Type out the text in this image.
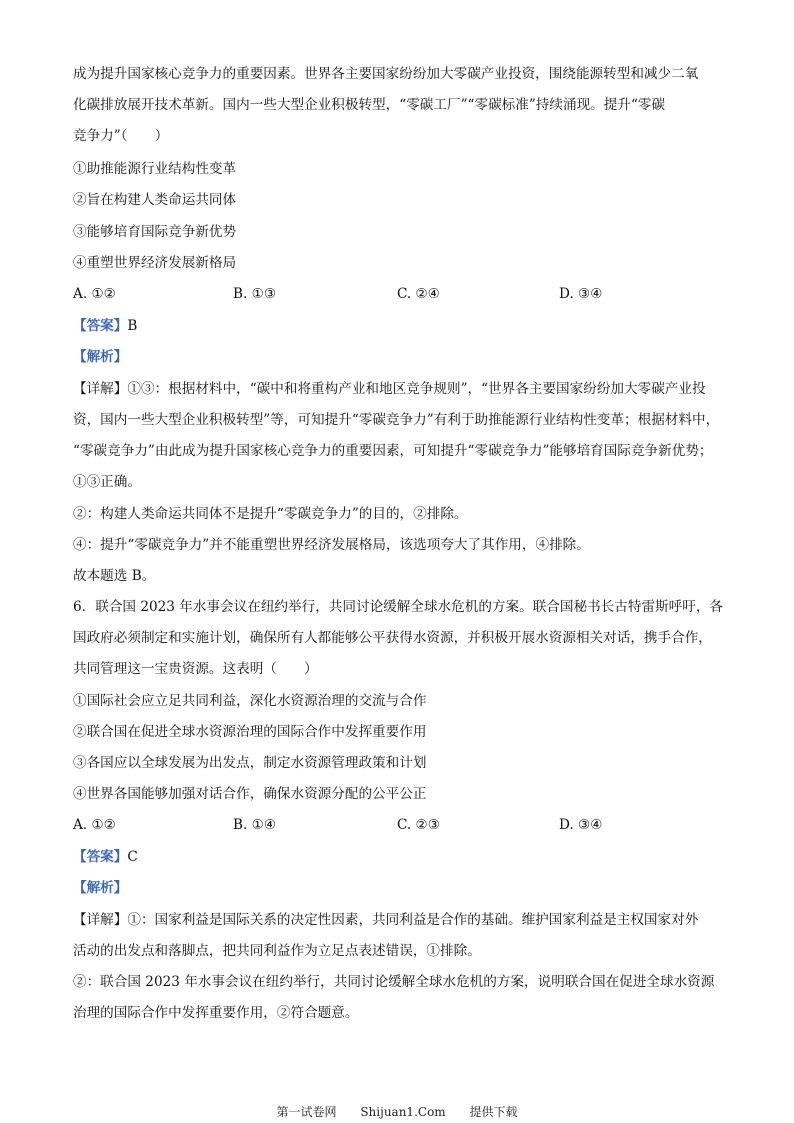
成为提升国家核心竞争力的重要因素。世界各主要国家纷纷加大零碳产业投资，围绕能源转型和减少二氧
化碳排放展开技术革新。国内一些大型企业积极转型，“零碳工厂”“零碳标准”持续涌现。提升“零碳
竞争力”（　　）
①助推能源行业结构性变革
②旨在构建人类命运共同体
③能够培育国际竞争新优势
④重塑世界经济发展新格局
A. ①②	B. ①③	C. ②④	D. ③④
【答案】B
【解析】
【详解】①③：根据材料中，“碳中和将重构产业和地区竞争规则”，“世界各主要国家纷纷加大零碳产业投
资，国内一些大型企业积极转型”等，可知提升“零碳竞争力”有利于助推能源行业结构性变革；根据材料中，
“零碳竞争力”由此成为提升国家核心竞争力的重要因素，可知提升“零碳竞争力”能够培育国际竞争新优势；
①③正确。
②：构建人类命运共同体不是提升“零碳竞争力”的目的，②排除。
④：提升“零碳竞争力”并不能重塑世界经济发展格局，该选项夸大了其作用，④排除。
故本题选 B。
6．联合国 2023 年水事会议在纽约举行，共同讨论缓解全球水危机的方案。联合国秘书长古特雷斯呼吁，各
国政府必须制定和实施计划，确保所有人都能够公平获得水资源，并积极开展水资源相关对话，携手合作，
共同管理这一宝贵资源。这表明（　　）
①国际社会应立足共同利益，深化水资源治理的交流与合作
②联合国在促进全球水资源治理的国际合作中发挥重要作用
③各国应以全球发展为出发点，制定水资源管理政策和计划
④世界各国能够加强对话合作，确保水资源分配的公平公正
A. ①②	B. ①④	C. ②③	D. ③④
【答案】C
【解析】
【详解】①：国家利益是国际关系的决定性因素，共同利益是合作的基础。维护国家利益是主权国家对外
活动的出发点和落脚点，把共同利益作为立足点表述错误，①排除。
②：联合国 2023 年水事会议在纽约举行，共同讨论缓解全球水危机的方案，说明联合国在促进全球水资源
治理的国际合作中发挥重要作用，②符合题意。
第一试卷网 Shijuan1.Com 提供下载
